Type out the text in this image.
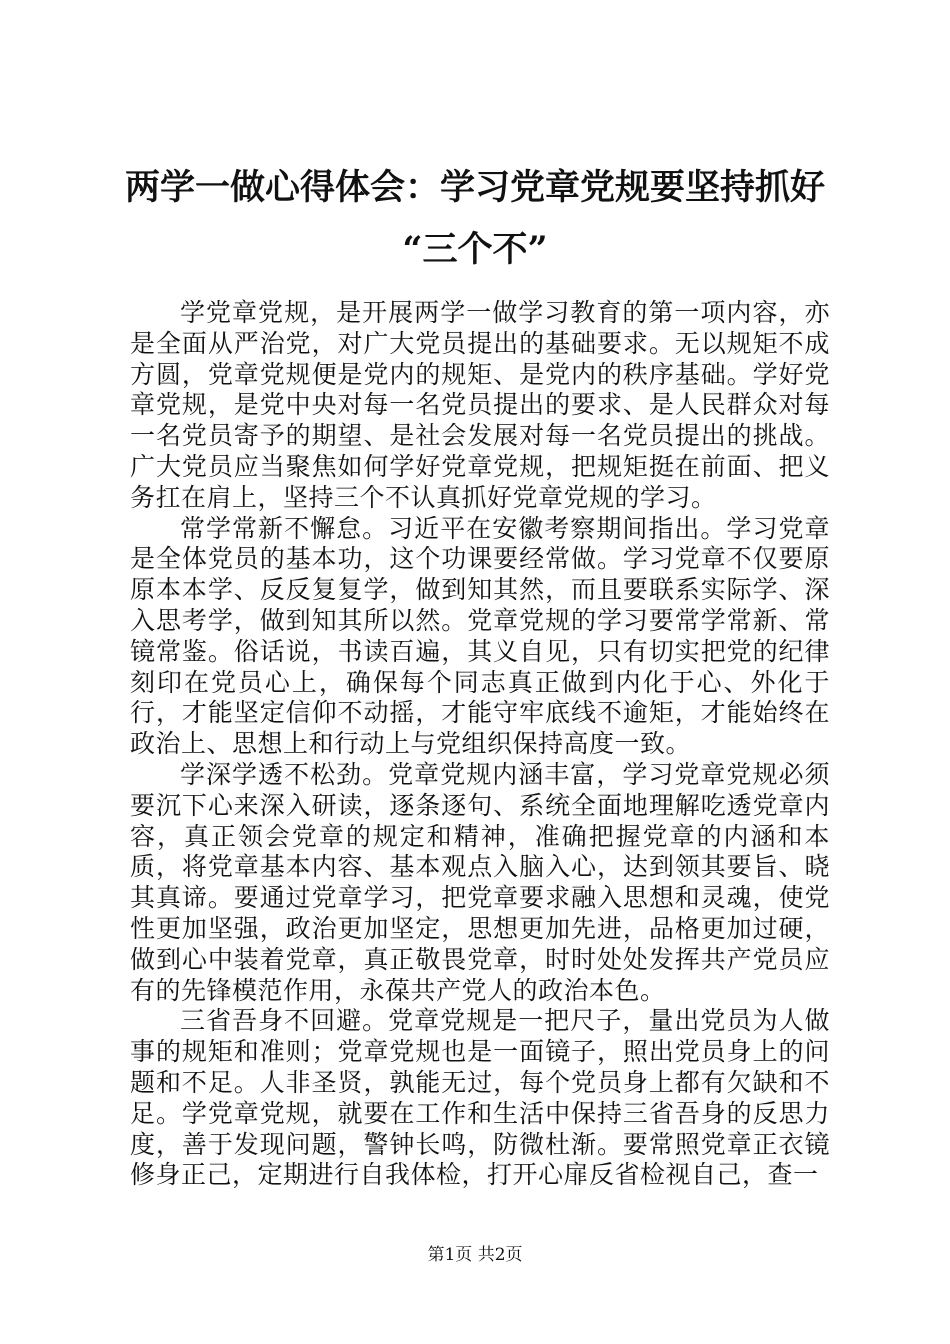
两学一做心得体会：学习党章党规要坚持抓好
“三个不”

学党章党规，是开展两学一做学习教育的第一项内容，亦是全面从严治党，对广大党员提出的基础要求。无以规矩不成方圆，党章党规便是党内的规矩、是党内的秩序基础。学好党章党规，是党中央对每一名党员提出的要求、是人民群众对每一名党员寄予的期望、是社会发展对每一名党员提出的挑战。广大党员应当聚焦如何学好党章党规，把规矩挺在前面、把义务扛在肩上，坚持三个不认真抓好党章党规的学习。

常学常新不懈怠。习近平在安徽考察期间指出。学习党章是全体党员的基本功，这个功课要经常做。学习党章不仅要原原本本学、反反复复学，做到知其然，而且要联系实际学、深入思考学，做到知其所以然。党章党规的学习要常学常新、常镜常鉴。俗话说，书读百遍，其义自见，只有切实把党的纪律刻印在党员心上，确保每个同志真正做到内化于心、外化于行，才能坚定信仰不动摇，才能守牢底线不逾矩，才能始终在政治上、思想上和行动上与党组织保持高度一致。

学深学透不松劲。党章党规内涵丰富，学习党章党规必须要沉下心来深入研读，逐条逐句、系统全面地理解吃透党章内容，真正领会党章的规定和精神，准确把握党章的内涵和本质，将党章基本内容、基本观点入脑入心，达到领其要旨、晓其真谛。要通过党章学习，把党章要求融入思想和灵魂，使党性更加坚强，政治更加坚定，思想更加先进，品格更加过硬，做到心中装着党章，真正敬畏党章，时时处处发挥共产党员应有的先锋模范作用，永葆共产党人的政治本色。

三省吾身不回避。党章党规是一把尺子，量出党员为人做事的规矩和准则；党章党规也是一面镜子，照出党员身上的问题和不足。人非圣贤，孰能无过，每个党员身上都有欠缺和不足。学党章党规，就要在工作和生活中保持三省吾身的反思力度，善于发现问题，警钟长鸣，防微杜渐。要常照党章正衣镜修身正己，定期进行自我体检，打开心扉反省检视自己，查一

第1页 共2页
